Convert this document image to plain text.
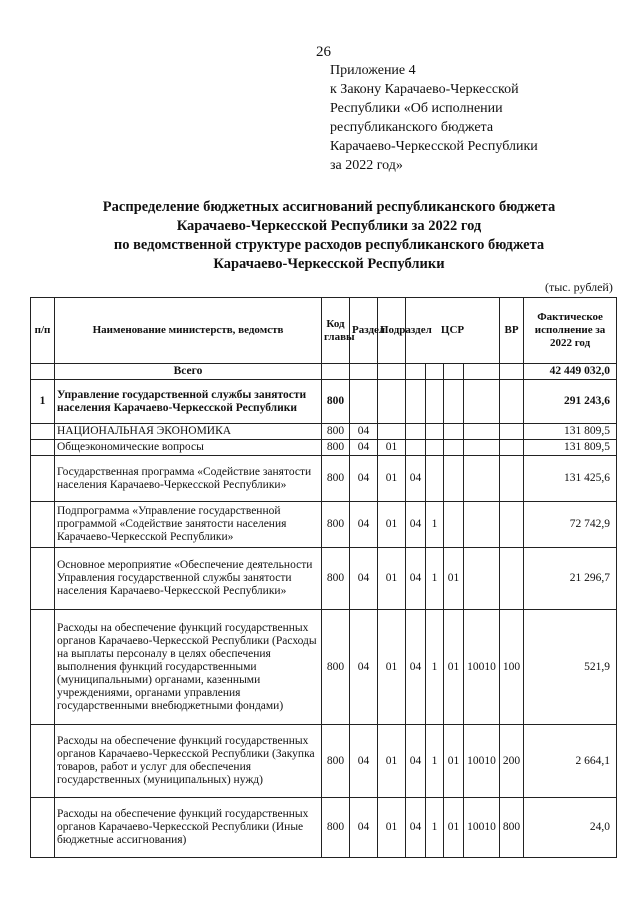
26
Приложение 4
к Закону Карачаево-Черкесской
Республики «Об исполнении
республиканского бюджета
Карачаево-Черкесской Республики
за 2022 год»
Распределение бюджетных ассигнований республиканского бюджета
Карачаево-Черкесской Республики за 2022 год
по ведомственной структуре расходов республиканского бюджета
Карачаево-Черкесской Республики
(тыс. рублей)
п/п	Наименование министерств, ведомств	Код главы	Раздел	Подраздел	ЦСР				ВР	Фактическое исполнение за 2022 год
	Всего									42 449 032,0
1	Управление государственной службы занятости населения Карачаево-Черкесской Республики	800								291 243,6
	НАЦИОНАЛЬНАЯ ЭКОНОМИКА	800	04							131 809,5
	Общеэкономические вопросы	800	04	01						131 809,5
	Государственная программа «Содействие занятости населения Карачаево-Черкесской Республики»	800	04	01	04					131 425,6
	Подпрограмма «Управление государственной программой «Содействие занятости населения Карачаево-Черкесской Республики»	800	04	01	04	1				72 742,9
	Основное мероприятие «Обеспечение деятельности Управления государственной службы занятости населения Карачаево-Черкесской Республики»	800	04	01	04	1	01			21 296,7
	Расходы на обеспечение функций государственных органов Карачаево-Черкесской Республики (Расходы на выплаты персоналу в целях обеспечения выполнения функций государственными (муниципальными) органами, казенными учреждениями, органами управления государственными внебюджетными фондами)	800	04	01	04	1	01	10010	100	521,9
	Расходы на обеспечение функций государственных органов Карачаево-Черкесской Республики (Закупка товаров, работ и услуг для обеспечения государственных (муниципальных) нужд)	800	04	01	04	1	01	10010	200	2 664,1
	Расходы на обеспечение функций государственных органов Карачаево-Черкесской Республики (Иные бюджетные ассигнования)	800	04	01	04	1	01	10010	800	24,0
